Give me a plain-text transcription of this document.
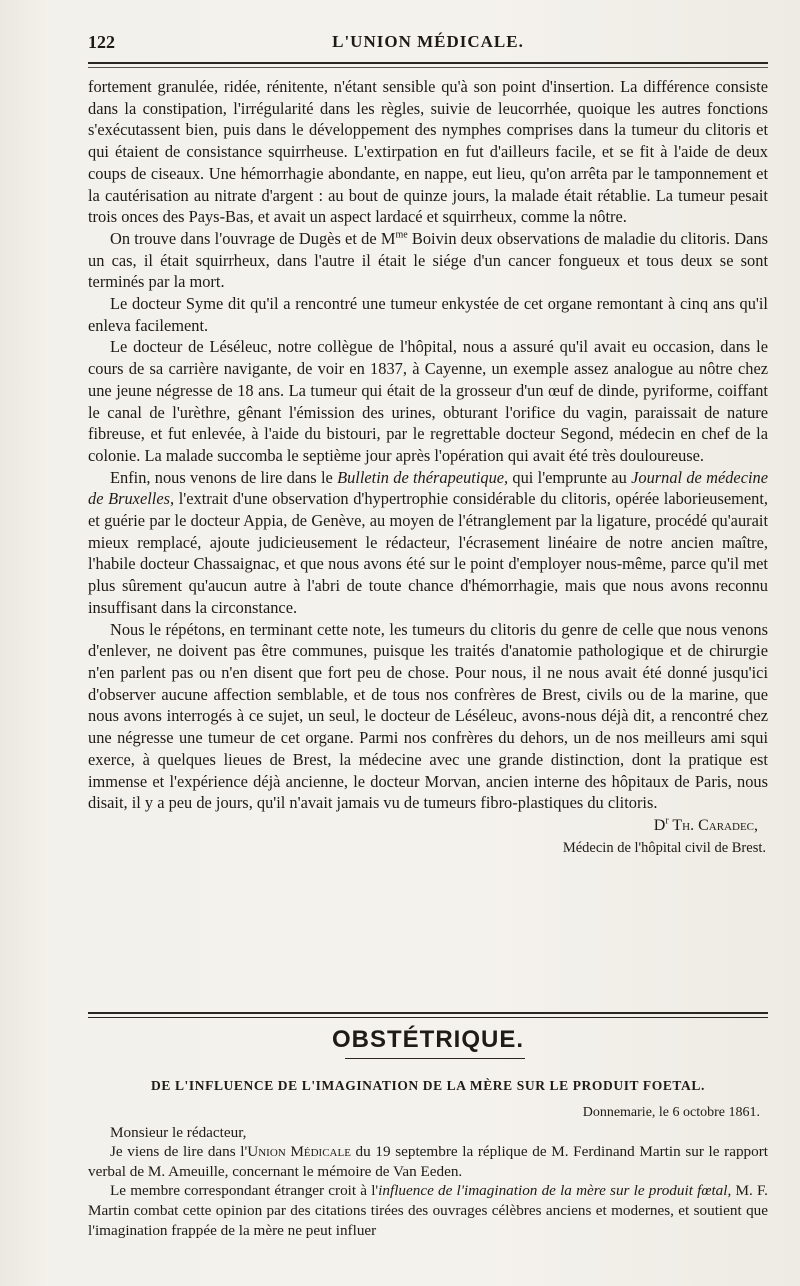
122	L'UNION MÉDICALE.

fortement granulée, ridée, rénitente, n'étant sensible qu'à son point d'insertion. La différence consiste dans la constipation, l'irrégularité dans les règles, suivie de leucorrhée, quoique les autres fonctions s'exécutassent bien, puis dans le développement des nymphes comprises dans la tumeur du clitoris et qui étaient de consistance squirrheuse. L'extirpation en fut d'ailleurs facile, et se fit à l'aide de deux coups de ciseaux. Une hémorrhagie abondante, en nappe, eut lieu, qu'on arrêta par le tamponnement et la cautérisation au nitrate d'argent : au bout de quinze jours, la malade était rétablie. La tumeur pesait trois onces des Pays-Bas, et avait un aspect lardacé et squirrheux, comme la nôtre.

On trouve dans l'ouvrage de Dugès et de $M^{me}$ Boivin deux observations de maladie du clitoris. Dans un cas, il était squirrheux, dans l'autre il était le siége d'un cancer fongueux et tous deux se sont terminés par la mort.

Le docteur Syme dit qu'il a rencontré une tumeur enkystée de cet organe remontant à cinq ans qu'il enleva facilement.

Le docteur de Léséleuc, notre collègue de l'hôpital, nous a assuré qu'il avait eu occasion, dans le cours de sa carrière navigante, de voir en 1837, à Cayenne, un exemple assez analogue au nôtre chez une jeune négresse de 18 ans. La tumeur qui était de la grosseur d'un œuf de dinde, pyriforme, coiffant le canal de l'urèthre, gênant l'émission des urines, obturant l'orifice du vagin, paraissait de nature fibreuse, et fut enlevée, à l'aide du bistouri, par le regrettable docteur Segond, médecin en chef de la colonie. La malade succomba le septième jour après l'opération qui avait été très douloureuse.

Enfin, nous venons de lire dans le Bulletin de thérapeutique, qui l'emprunte au Journal de médecine de Bruxelles, l'extrait d'une observation d'hypertrophie considérable du clitoris, opérée laborieusement, et guérie par le docteur Appia, de Genève, au moyen de l'étranglement par la ligature, procédé qu'aurait mieux remplacé, ajoute judicieusement le rédacteur, l'écrasement linéaire de notre ancien maître, l'habile docteur Chassaignac, et que nous avons été sur le point d'employer nous-même, parce qu'il met plus sûrement qu'aucun autre à l'abri de toute chance d'hémorrhagie, mais que nous avons reconnu insuffisant dans la circonstance.

Nous le répétons, en terminant cette note, les tumeurs du clitoris du genre de celle que nous venons d'enlever, ne doivent pas être communes, puisque les traités d'anatomie pathologique et de chirurgie n'en parlent pas ou n'en disent que fort peu de chose. Pour nous, il ne nous avait été donné jusqu'ici d'observer aucune affection semblable, et de tous nos confrères de Brest, civils ou de la marine, que nous avons interrogés à ce sujet, un seul, le docteur de Léséleuc, avons-nous déjà dit, a rencontré chez une négresse une tumeur de cet organe. Parmi nos confrères du dehors, un de nos meilleurs ami squi exerce, à quelques lieues de Brest, la médecine avec une grande distinction, dont la pratique est immense et l'expérience déjà ancienne, le docteur Morvan, ancien interne des hôpitaux de Paris, nous disait, il y a peu de jours, qu'il n'avait jamais vu de tumeurs fibro-plastiques du clitoris.

$D^r$ Th. Caradec,
Médecin de l'hôpital civil de Brest.
OBSTÉTRIQUE.
DE L'INFLUENCE DE L'IMAGINATION DE LA MÈRE SUR LE PRODUIT FOETAL.
Donnemarie, le 6 octobre 1861.

Monsieur le rédacteur,

Je viens de lire dans l'Union Médicale du 19 septembre la réplique de M. Ferdinand Martin sur le rapport verbal de M. Ameuille, concernant le mémoire de Van Eeden.

Le membre correspondant étranger croit à l'influence de l'imagination de la mère sur le produit fœtal, M. F. Martin combat cette opinion par des citations tirées des ouvrages célèbres anciens et modernes, et soutient que l'imagination frappée de la mère ne peut influer
